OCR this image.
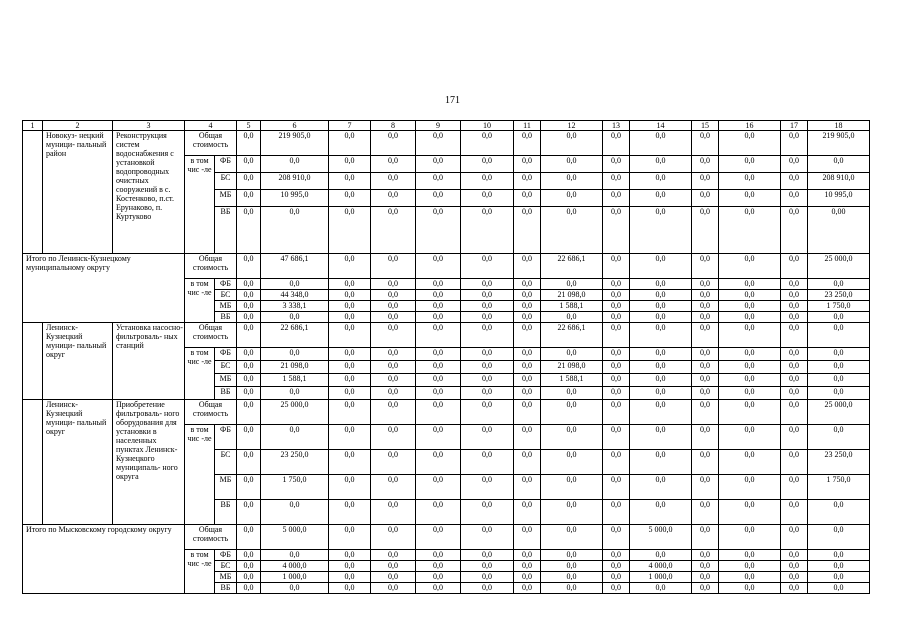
171
1	2	3	4		5	6	7	8	9	10	11	12	13	14	15	16	17	18
	Новокуз- нецкий муници- пальный район	Реконструкция систем водоснабжения с установкой водопроводных очистных сооружений в с. Костенково, п.ст. Ерунаково, п. Куртуково	Общая стоимость		0,0	219 905,0	0,0	0,0	0,0	0,0	0,0	0,0	0,0	0,0	0,0	0,0	0,0	219 905,0
			в том чис -ле	ФБ	0,0	0,0	0,0	0,0	0,0	0,0	0,0	0,0	0,0	0,0	0,0	0,0	0,0	0,0
				БС	0,0	208 910,0	0,0	0,0	0,0	0,0	0,0	0,0	0,0	0,0	0,0	0,0	0,0	208 910,0
				МБ	0,0	10 995,0	0,0	0,0	0,0	0,0	0,0	0,0	0,0	0,0	0,0	0,0	0,0	10 995,0
				ВБ	0,0	0,0	0,0	0,0	0,0	0,0	0,0	0,0	0,0	0,0	0,0	0,0	0,0	0,00
Итого по Ленинск-Кузнецкому муниципальному округу			Общая стоимость		0,0	47 686,1	0,0	0,0	0,0	0,0	0,0	22 686,1	0,0	0,0	0,0	0,0	0,0	25 000,0
			в том чис -ле	ФБ	0,0	0,0	0,0	0,0	0,0	0,0	0,0	0,0	0,0	0,0	0,0	0,0	0,0	0,0
				БС	0,0	44 348,0	0,0	0,0	0,0	0,0	0,0	21 098,0	0,0	0,0	0,0	0,0	0,0	23 250,0
				МБ	0,0	3 338,1	0,0	0,0	0,0	0,0	0,0	1 588,1	0,0	0,0	0,0	0,0	0,0	1 750,0
				ВБ	0,0	0,0	0,0	0,0	0,0	0,0	0,0	0,0	0,0	0,0	0,0	0,0	0,0	0,0
	Ленинск- Кузнецкий муници- пальный округ	Установка насосно- фильтроваль- ных станций	Общая стоимость		0,0	22 686,1	0,0	0,0	0,0	0,0	0,0	22 686,1	0,0	0,0	0,0	0,0	0,0	0,0
			в том чис -ле	ФБ	0,0	0,0	0,0	0,0	0,0	0,0	0,0	0,0	0,0	0,0	0,0	0,0	0,0	0,0
				БС	0,0	21 098,0	0,0	0,0	0,0	0,0	0,0	21 098,0	0,0	0,0	0,0	0,0	0,0	0,0
				МБ	0,0	1 588,1	0,0	0,0	0,0	0,0	0,0	1 588,1	0,0	0,0	0,0	0,0	0,0	0,0
				ВБ	0,0	0,0	0,0	0,0	0,0	0,0	0,0	0,0	0,0	0,0	0,0	0,0	0,0	0,0
	Ленинск- Кузнецкий муници- пальный округ	Приобретение фильтроваль- ного оборудования для установки в населенных пунктах Ленинск- Кузнецкого муниципаль- ного округа	Общая стоимость		0,0	25 000,0	0,0	0,0	0,0	0,0	0,0	0,0	0,0	0,0	0,0	0,0	0,0	25 000,0
			в том чис -ле	ФБ	0,0	0,0	0,0	0,0	0,0	0,0	0,0	0,0	0,0	0,0	0,0	0,0	0,0	0,0
				БС	0,0	23 250,0	0,0	0,0	0,0	0,0	0,0	0,0	0,0	0,0	0,0	0,0	0,0	23 250,0
				МБ	0,0	1 750,0	0,0	0,0	0,0	0,0	0,0	0,0	0,0	0,0	0,0	0,0	0,0	1 750,0
				ВБ	0,0	0,0	0,0	0,0	0,0	0,0	0,0	0,0	0,0	0,0	0,0	0,0	0,0	0,0
Итого по Мысковскому городскому округу			Общая стоимость		0,0	5 000,0	0,0	0,0	0,0	0,0	0,0	0,0	0,0	5 000,0	0,0	0,0	0,0	0,0
			в том чис -ле	ФБ	0,0	0,0	0,0	0,0	0,0	0,0	0,0	0,0	0,0	0,0	0,0	0,0	0,0	0,0
				БС	0,0	4 000,0	0,0	0,0	0,0	0,0	0,0	0,0	0,0	4 000,0	0,0	0,0	0,0	0,0
				МБ	0,0	1 000,0	0,0	0,0	0,0	0,0	0,0	0,0	0,0	1 000,0	0,0	0,0	0,0	0,0
				ВБ	0,0	0,0	0,0	0,0	0,0	0,0	0,0	0,0	0,0	0,0	0,0	0,0	0,0	0,0
